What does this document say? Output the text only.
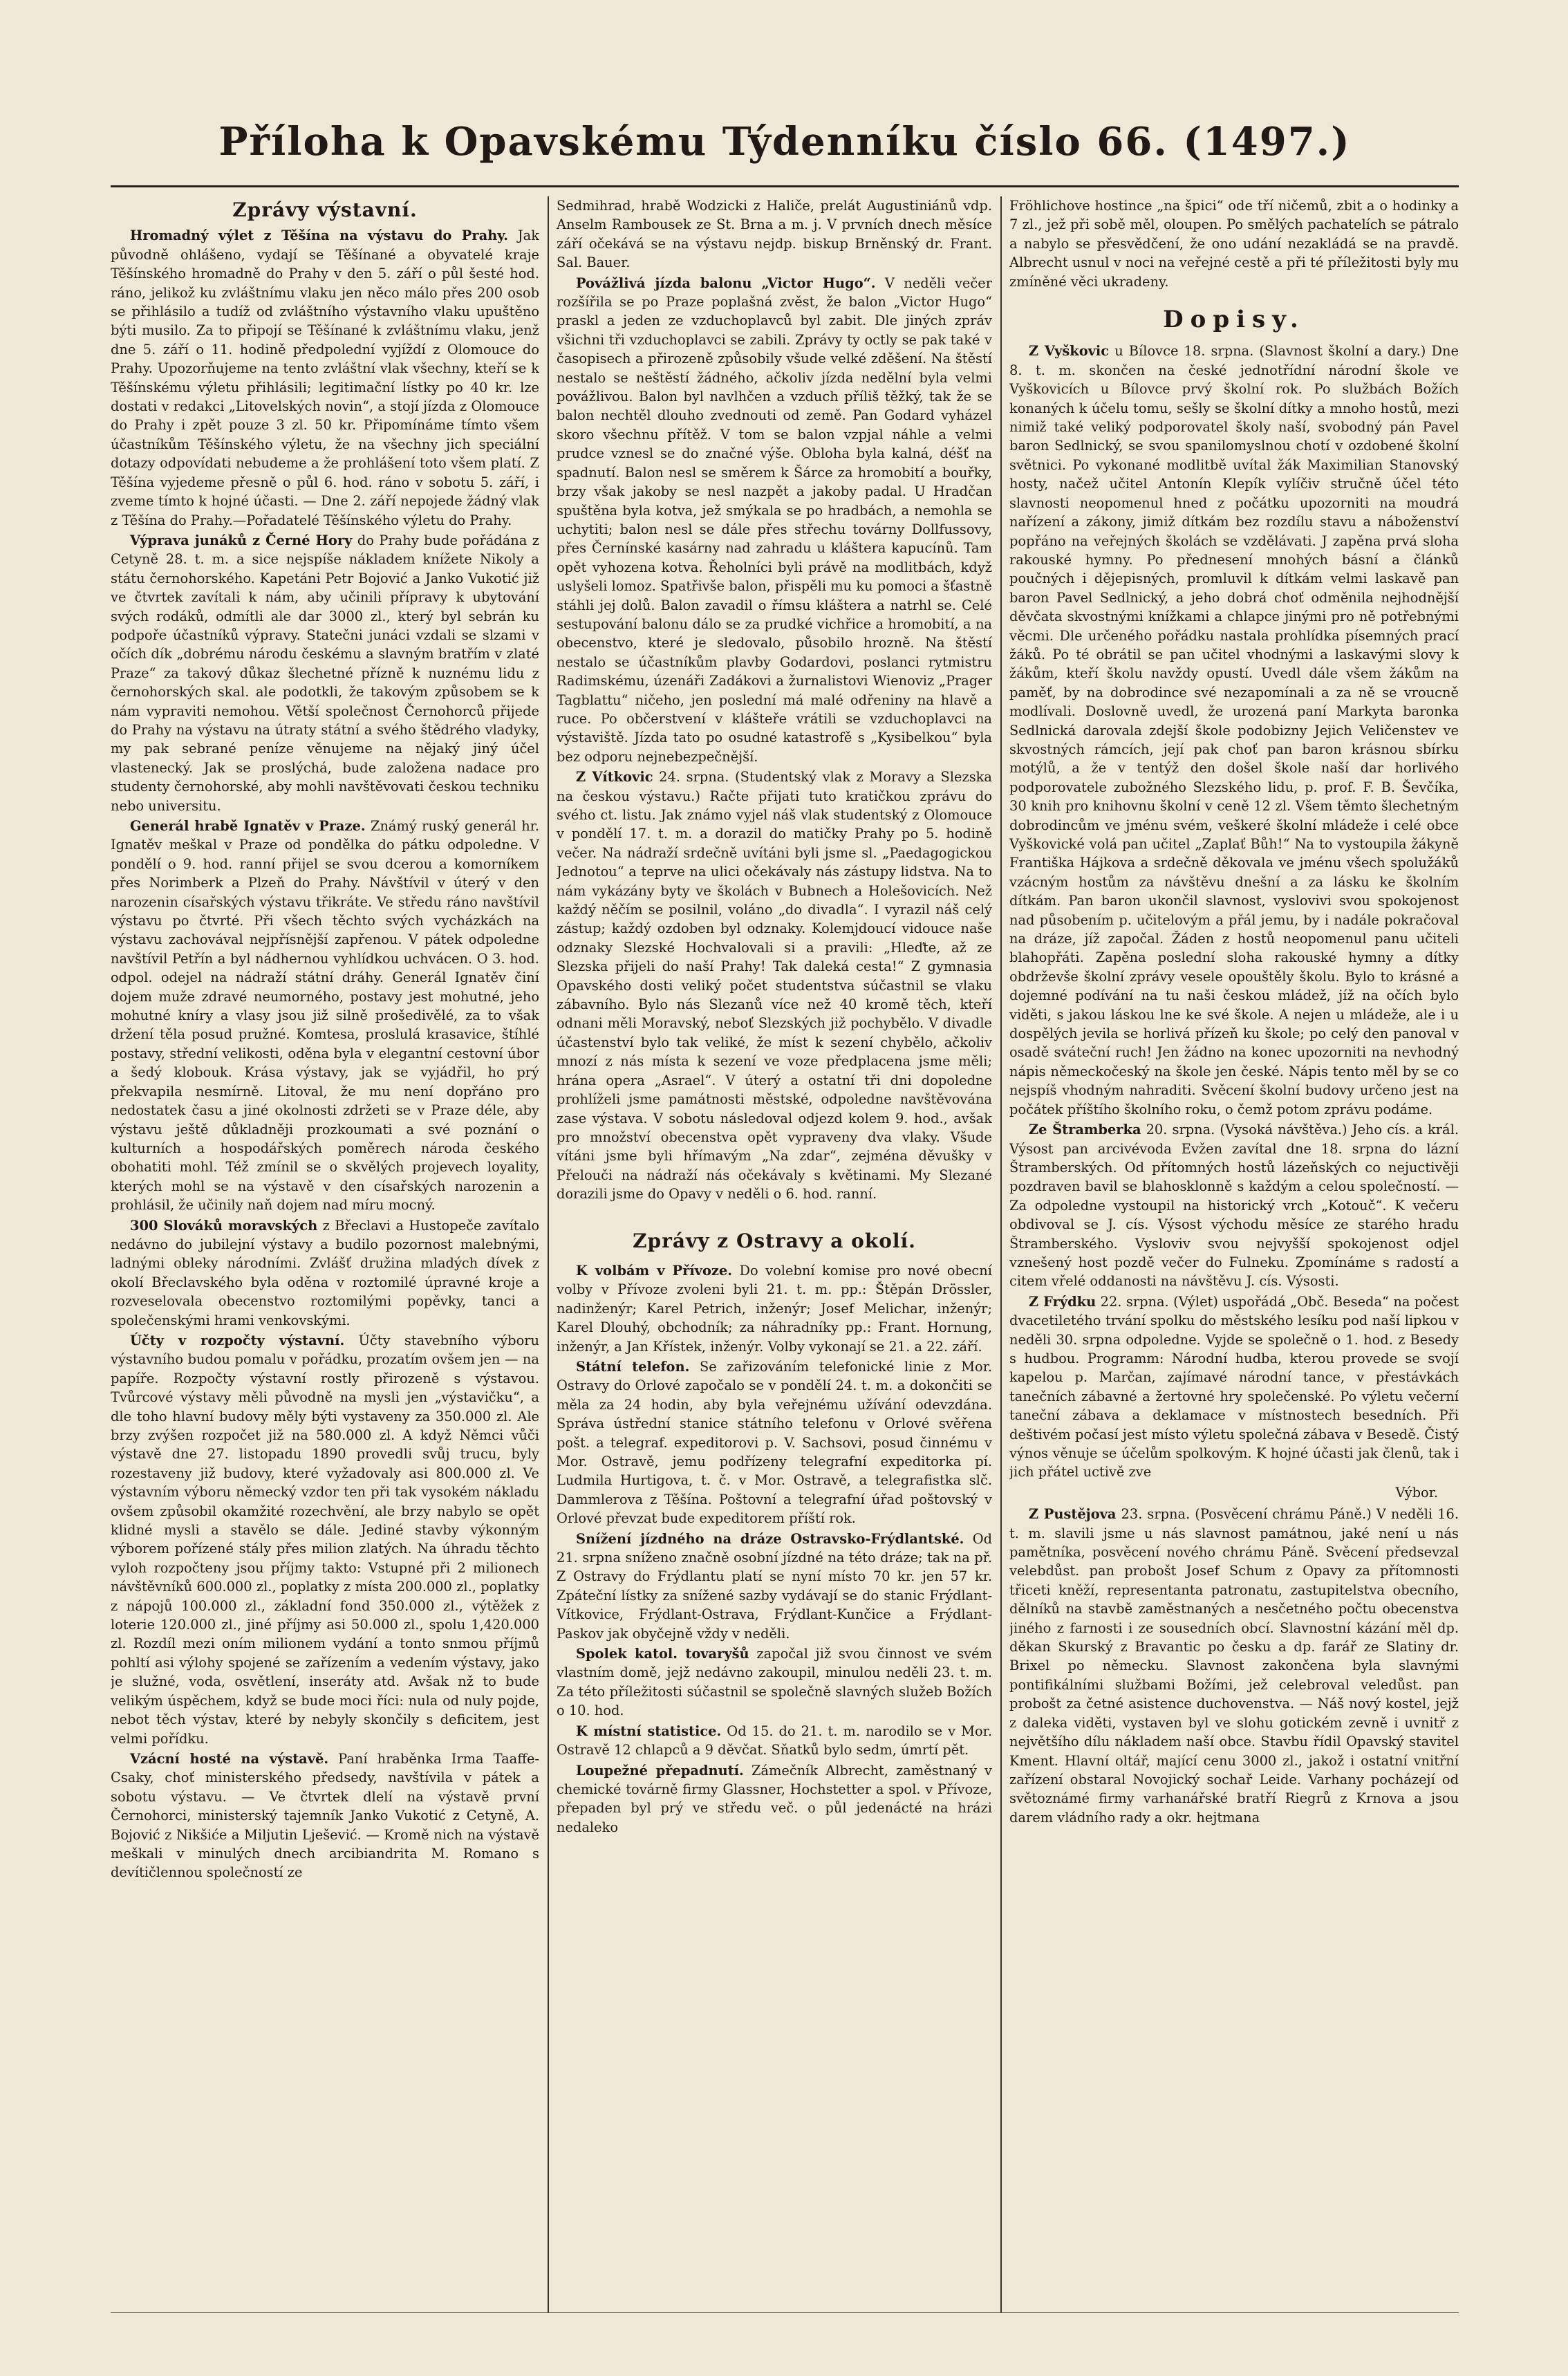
Příloha k Opavskému Týdenníku číslo 66. (1497.)
Zprávy výstavní.

Hromadný výlet z Těšína na výstavu do Prahy. Jak původně ohlášeno, vydají se Těšínané a obyvatelé kraje Těšínského hromadně do Prahy v den 5. září o půl šesté hod. ráno, jelikož ku zvláštnímu vlaku jen něco málo přes 200 osob se přihlásilo a tudíž od zvláštního výstavního vlaku upuštěno býti musilo. Za to připojí se Těšínané k zvláštnímu vlaku, jenž dne 5. září o 11. hodině předpolední vyjíždí z Olomouce do Prahy. Upozorňujeme na tento zvláštní vlak všechny, kteří se k Těšínskému výletu přihlásili; legitimační lístky po 40 kr. lze dostati v redakci „Litovelských novin“, a stojí jízda z Olomouce do Prahy i zpět pouze 3 zl. 50 kr. Připomínáme tímto všem účastníkům Těšínského výletu, že na všechny jich speciální dotazy odpovídati nebudeme a že prohlášení toto všem platí. Z Těšína vyjedeme přesně o půl 6. hod. ráno v sobotu 5. září, i zveme tímto k hojné účasti. — Dne 2. září nepojede žádný vlak z Těšína do Prahy.—Pořadatelé Těšínského výletu do Prahy.

Výprava junáků z Černé Hory do Prahy bude pořádána z Cetyně 28. t. m. a sice nejspíše nákladem knížete Nikoly a státu černohorského. Kapetáni Petr Bojović a Janko Vukotić již ve čtvrtek zavítali k nám, aby učinili přípravy k ubytování svých rodáků, odmítli ale dar 3000 zl., který byl sebrán ku podpoře účastníků výpravy. Statečni junáci vzdali se slzami v očích dík „dobrému národu českému a slavným bratřím v zlaté Praze“ za takový důkaz šlechetné přízně k nuznému lidu z černohorských skal. ale podotkli, že takovým způsobem se k nám vypraviti nemohou. Větší společnost Černohorců přijede do Prahy na výstavu na útraty státní a svého štědrého vladyky, my pak sebrané peníze věnujeme na nějaký jiný účel vlastenecký. Jak se proslýchá, bude založena nadace pro studenty černohorské, aby mohli navštěvovati českou techniku nebo universitu.

Generál hrabě Ignatěv v Praze. Známý ruský generál hr. Ignatěv meškal v Praze od pondělka do pátku odpoledne. V pondělí o 9. hod. ranní přijel se svou dcerou a komorníkem přes Norimberk a Plzeň do Prahy. Návštívil v úterý v den narozenin císařských výstavu třikráte. Ve středu ráno navštívil výstavu po čtvrté. Při všech těchto svých vycházkách na výstavu zachovával nejpřísnější zapřenou. V pátek odpoledne navštívil Petřín a byl nádhernou vyhlídkou uchvácen. O 3. hod. odpol. odejel na nádraží státní dráhy. Generál Ignatěv činí dojem muže zdravé neumorného, postavy jest mohutné, jeho mohutné kníry a vlasy jsou již silně prošedivělé, za to však držení těla posud pružné. Komtesa, proslulá krasavice, štíhlé postavy, střední velikosti, oděna byla v elegantní cestovní úbor a šedý klobouk. Krása výstavy, jak se vyjádřil, ho prý překvapila nesmírně. Litoval, že mu není dopřáno pro nedostatek času a jiné okolnosti zdržeti se v Praze déle, aby výstavu ještě důkladněji prozkoumati a své poznání o kulturních a hospodářských poměrech národa českého obohatiti mohl. Též zmínil se o skvělých projevech loyality, kterých mohl se na výstavě v den císařských narozenin a prohlásil, že učinily naň dojem nad míru mocný.

300 Slováků moravských z Břeclavi a Hustopeče zavítalo nedávno do jubilejní výstavy a budilo pozornost malebnými, ladnými obleky národními. Zvlášť družina mladých dívek z okolí Břeclavského byla oděna v roztomilé úpravné kroje a rozveselovala obecenstvo roztomilými popěvky, tanci a společenskými hrami venkovskými.

Účty v rozpočty výstavní. Účty stavebního výboru výstavního budou pomalu v pořádku, prozatím ovšem jen — na papíře. Rozpočty výstavní rostly přirozeně s výstavou. Tvůrcové výstavy měli původně na mysli jen „výstavičku“, a dle toho hlavní budovy měly býti vystaveny za 350.000 zl. Ale brzy zvýšen rozpočet již na 580.000 zl. A když Němci vůči výstavě dne 27. listopadu 1890 provedli svůj trucu, byly rozestaveny již budovy, které vyžadovaly asi 800.000 zl. Ve výstavním výboru německý vzdor ten při tak vysokém nákladu ovšem způsobil okamžité rozechvění, ale brzy nabylo se opět klidné mysli a stavělo se dále. Jediné stavby výkonným výborem pořízené stály přes milion zlatých. Na úhradu těchto vyloh rozpočteny jsou příjmy takto: Vstupné při 2 milionech návštěvníků 600.000 zl., poplatky z místa 200.000 zl., poplatky z nápojů 100.000 zl., základní fond 350.000 zl., výtěžek z loterie 120.000 zl., jiné příjmy asi 50.000 zl., spolu 1,420.000 zl. Rozdíl mezi oním milionem vydání a tonto snmou příjmů pohltí asi výlohy spojené se zařízením a vedením výstavy, jako je služné, voda, osvětlení, inseráty atd. Avšak nž to bude velikým úspěchem, když se bude moci říci: nula od nuly pojde, nebot těch výstav, které by nebyly skončily s deficitem, jest velmi pořídku.

Vzácní hosté na výstavě. Paní hraběnka Irma Taaffe-Csaky, choť ministerského předsedy, navštívila v pátek a sobotu výstavu. — Ve čtvrtek dlelí na výstavě první Černohorci, ministerský tajemník Janko Vukotić z Cetyně, A. Bojović z Nikšiće a Miljutin Lješević. — Kromě nich na výstavě meškali v minulých dnech arcibiandrita M. Romano s devítičlennou společností ze

Sedmihrad, hrabě Wodzicki z Haliče, prelát Augustiniánů vdp. Anselm Rambousek ze St. Brna a m. j. V prvních dnech měsíce září očekává se na výstavu nejdp. biskup Brněnský dr. Frant. Sal. Bauer.

Povážlivá jízda balonu „Victor Hugo“. V neděli večer rozšířila se po Praze poplašná zvěst, že balon „Victor Hugo“ praskl a jeden ze vzduchoplavců byl zabit. Dle jiných zpráv všichni tři vzduchoplavci se zabili. Zprávy ty octly se pak také v časopisech a přirozeně způsobily všude velké zděšení. Na štěstí nestalo se neštěstí žádného, ačkoliv jízda nedělní byla velmi povážlivou. Balon byl navlhčen a vzduch příliš těžký, tak že se balon nechtěl dlouho zvednouti od země. Pan Godard vyházel skoro všechnu přítěž. V tom se balon vzpjal náhle a velmi prudce vznesl se do značné výše. Obloha byla kalná, déšť na spadnutí. Balon nesl se směrem k Šárce za hromobití a bouřky, brzy však jakoby se nesl nazpět a jakoby padal. U Hradčan spuštěna byla kotva, jež smýkala se po hradbách, a nemohla se uchytiti; balon nesl se dále přes střechu továrny Dollfussovy, přes Černínské kasárny nad zahradu u kláštera kapucínů. Tam opět vyhozena kotva. Řeholníci byli právě na modlitbách, když uslyšeli lomoz. Spatřivše balon, přispěli mu ku pomoci a šťastně stáhli jej dolů. Balon zavadil o římsu kláštera a natrhl se. Celé sestupování balonu dálo se za prudké vichřice a hromobití, a na obecenstvo, které je sledovalo, působilo hrozně. Na štěstí nestalo se účastníkům plavby Godardovi, poslanci rytmistru Radimskému, úzenáři Zadákovi a žurnalistovi Wienoviz „Prager Tagblattu“ ničeho, jen poslední má malé odřeniny na hlavě a ruce. Po občerstvení v klášteře vrátili se vzduchoplavci na výstaviště. Jízda tato po osudné katastrofě s „Kysibelkou“ byla bez odporu nejnebezpečnější.

Z Vítkovic 24. srpna. (Studentský vlak z Moravy a Slezska na českou výstavu.) Račte přijati tuto kratičkou zprávu do svého ct. listu. Jak známo vyjel náš vlak studentský z Olomouce v pondělí 17. t. m. a dorazil do matičky Prahy po 5. hodině večer. Na nádraží srdečně uvítáni byli jsme sl. „Paedagogickou Jednotou“ a teprve na ulici očekávaly nás zástupy lidstva. Na to nám vykázány byty ve školách v Bubnech a Holešovicích. Než každý něčím se posilnil, voláno „do divadla“. I vyrazil náš celý zástup; každý ozdoben byl odznaky. Kolemjdoucí vidouce naše odznaky Slezské Hochvalovali si a pravili: „Hleďte, až ze Slezska přijeli do naší Prahy! Tak daleká cesta!“ Z gymnasia Opavského dosti veliký počet studentstva súčastnil se vlaku zábavního. Bylo nás Slezanů více než 40 kromě těch, kteří odnani měli Moravský, neboť Slezských již pochybělo. V divadle účastenství bylo tak veliké, že míst k sezení chybělo, ačkoliv mnozí z nás místa k sezení ve voze předplacena jsme měli; hrána opera „Asrael“. V úterý a ostatní tři dni dopoledne prohlíželi jsme památnosti městské, odpoledne navštěvována zase výstava. V sobotu následoval odjezd kolem 9. hod., avšak pro množství obecenstva opět vypraveny dva vlaky. Všude vítáni jsme byli hřímavým „Na zdar“, zejména děvušky v Přelouči na nádraží nás očekávaly s květinami. My Slezané dorazili jsme do Opavy v neděli o 6. hod. ranní.

Zprávy z Ostravy a okolí.

K volbám v Přívoze. Do volební komise pro nové obecní volby v Přívoze zvoleni byli 21. t. m. pp.: Štěpán Drössler, nadinženýr; Karel Petrich, inženýr; Josef Melichar, inženýr; Karel Dlouhý, obchodník; za náhradníky pp.: Frant. Hornung, inženýr, a Jan Křístek, inženýr. Volby vykonají se 21. a 22. září.

Státní telefon. Se zařizováním telefonické linie z Mor. Ostravy do Orlové započalo se v pondělí 24. t. m. a dokončiti se měla za 24 hodin, aby byla veřejnému užívání odevzdána. Správa ústřední stanice státního telefonu v Orlové svěřena pošt. a telegraf. expeditorovi p. V. Sachsovi, posud činnému v Mor. Ostravě, jemu podřízeny telegrafní expeditorka pí. Ludmila Hurtigova, t. č. v Mor. Ostravě, a telegrafistka slč. Dammlerova z Těšína. Poštovní a telegrafní úřad poštovský v Orlové převzat bude expeditorem příští rok.

Snížení jízdného na dráze Ostravsko-Frýdlantské. Od 21. srpna sníženo značně osobní jízdné na této dráze; tak na př. Z Ostravy do Frýdlantu platí se nyní místo 70 kr. jen 57 kr. Zpáteční lístky za snížené sazby vydávají se do stanic Frýdlant-Vítkovice, Frýdlant-Ostrava, Frýdlant-Kunčice a Frýdlant-Paskov jak obyčejně vždy v neděli.

Spolek katol. tovaryšů započal již svou činnost ve svém vlastním domě, jejž nedávno zakoupil, minulou neděli 23. t. m. Za této příležitosti súčastnil se společně slavných služeb Božích o 10. hod.

K místní statistice. Od 15. do 21. t. m. narodilo se v Mor. Ostravě 12 chlapců a 9 děvčat. Sňatků bylo sedm, úmrtí pět.

Loupežné přepadnutí. Zámečník Albrecht, zaměstnaný v chemické továrně firmy Glassner, Hochstetter a spol. v Přívoze, přepaden byl prý ve středu več. o půl jedenácté na hrázi nedaleko

Fröhlichove hostince „na špici“ ode tří ničemů, zbit a o hodinky a 7 zl., jež při sobě měl, oloupen. Po smělých pachatelích se pátralo a nabylo se přesvědčení, že ono udání nezakládá se na pravdě. Albrecht usnul v noci na veřejné cestě a při té příležitosti byly mu zmíněné věci ukradeny.

Dopisy.

Z Vyškovic u Bílovce 18. srpna. (Slavnost školní a dary.) Dne 8. t. m. skončen na české jednotřídní národní škole ve Vyškovicích u Bílovce prvý školní rok. Po službách Božích konaných k účelu tomu, sešly se školní dítky a mnoho hostů, mezi nimiž také veliký podporovatel školy naší, svobodný pán Pavel baron Sedlnický, se svou spanilomyslnou chotí v ozdobené školní světnici. Po vykonané modlitbě uvítal žák Maximilian Stanovský hosty, načež učitel Antonín Klepík vylíčiv stručně účel této slavnosti neopomenul hned z počátku upozorniti na moudrá nařízení a zákony, jimiž dítkám bez rozdílu stavu a náboženství popřáno na veřejných školách se vzdělávati. J zapěna prvá sloha rakouské hymny. Po přednesení mnohých básní a článků poučných i dějepisných, promluvil k dítkám velmi laskavě pan baron Pavel Sedlnický, a jeho dobrá choť odměnila nejhodnější děvčata skvostnými knížkami a chlapce jinými pro ně potřebnými věcmi. Dle určeného pořádku nastala prohlídka písemných prací žáků. Po té obrátil se pan učitel vhodnými a laskavými slovy k žákům, kteří školu navždy opustí. Uvedl dále všem žákům na paměť, by na dobrodince své nezapomínali a za ně se vroucně modlívali. Doslovně uvedl, že urozená paní Markyta baronka Sedlnická darovala zdejší škole podobizny Jejich Veličenstev ve skvostných rámcích, její pak choť pan baron krásnou sbírku motýlů, a že v tentýž den došel škole naší dar horlivého podporovatele zubožného Slezského lidu, p. prof. F. B. Ševčíka, 30 knih pro knihovnu školní v ceně 12 zl. Všem těmto šlechetným dobrodincům ve jménu svém, veškeré školní mládeže i celé obce Vyškovické volá pan učitel „Zaplať Bůh!“ Na to vystoupila žákyně Františka Hájkova a srdečně děkovala ve jménu všech spolužáků vzácným hostům za návštěvu dnešní a za lásku ke školním dítkám. Pan baron ukončil slavnost, vyslovivi svou spokojenost nad působením p. učitelovým a přál jemu, by i nadále pokračoval na dráze, jíž započal. Žáden z hostů neopomenul panu učiteli blahopřáti. Zapěna poslední sloha rakouské hymny a dítky obdrževše školní zprávy vesele opouštěly školu. Bylo to krásné a dojemné podívání na tu naši českou mládež, jíž na očích bylo viděti, s jakou láskou lne ke své škole. A nejen u mládeže, ale i u dospělých jevila se horlivá přízeň ku škole; po celý den panoval v osadě sváteční ruch! Jen žádno na konec upozorniti na nevhodný nápis německočeský na škole jen české. Nápis tento měl by se co nejspíš vhodným nahraditi. Svěcení školní budovy určeno jest na počátek příštího školního roku, o čemž potom zprávu podáme.

Ze Štramberka 20. srpna. (Vysoká návštěva.) Jeho cís. a král. Výsost pan arcivévoda Evžen zavítal dne 18. srpna do lázní Štramberských. Od přítomných hostů lázeňských co nejuctivěji pozdraven bavil se blahosklonně s každým a celou společností. — Za odpoledne vystoupil na historický vrch „Kotouč“. K večeru obdivoval se J. cís. Výsost východu měsíce ze starého hradu Štramberského. Vysloviv svou nejvyšší spokojenost odjel vznešený host pozdě večer do Fulneku. Zpomínáme s radostí a citem vřelé oddanosti na návštěvu J. cís. Výsosti.

Z Frýdku 22. srpna. (Výlet) uspořádá „Obč. Beseda“ na počest dvacetiletého trvání spolku do městského lesíku pod naší lipkou v neděli 30. srpna odpoledne. Vyjde se společně o 1. hod. z Besedy s hudbou. Programm: Národní hudba, kterou provede se svojí kapelou p. Marčan, zajímavé národní tance, v přestávkách tanečních zábavné a žertovné hry společenské. Po výletu večerní taneční zábava a deklamace v místnostech besedních. Při deštivém počasí jest místo výletu společná zábava v Besedě. Čistý výnos věnuje se účelům spolkovým. K hojné účasti jak členů, tak i jich přátel uctivě zve

Výbor.

Z Pustějova 23. srpna. (Posvěcení chrámu Páně.) V neděli 16. t. m. slavili jsme u nás slavnost památnou, jaké není u nás pamětníka, posvěcení nového chrámu Páně. Svěcení předsevzal velebdůst. pan probošt Josef Schum z Opavy za přítomnosti třiceti kněží, representanta patronatu, zastupitelstva obecního, dělníků na stavbě zaměstnaných a nesčetného počtu obecenstva jiného z farnosti i ze sousedních obcí. Slavnostní kázání měl dp. děkan Skurský z Bravantic po česku a dp. farář ze Slatiny dr. Brixel po německu. Slavnost zakončena byla slavnými pontifikálními službami Božími, jež celebroval veledůst. pan probošt za četné asistence duchovenstva. — Náš nový kostel, jejž z daleka viděti, vystaven byl ve slohu gotickém zevně i uvnitř z největšího dílu nákladem naší obce. Stavbu řídil Opavský stavitel Kment. Hlavní oltář, mající cenu 3000 zl., jakož i ostatní vnitřní zařízení obstaral Novojický sochař Leide. Varhany pocházejí od světoznámé firmy varhanářské bratří Riegrů z Krnova a jsou darem vládního rady a okr. hejtmana
